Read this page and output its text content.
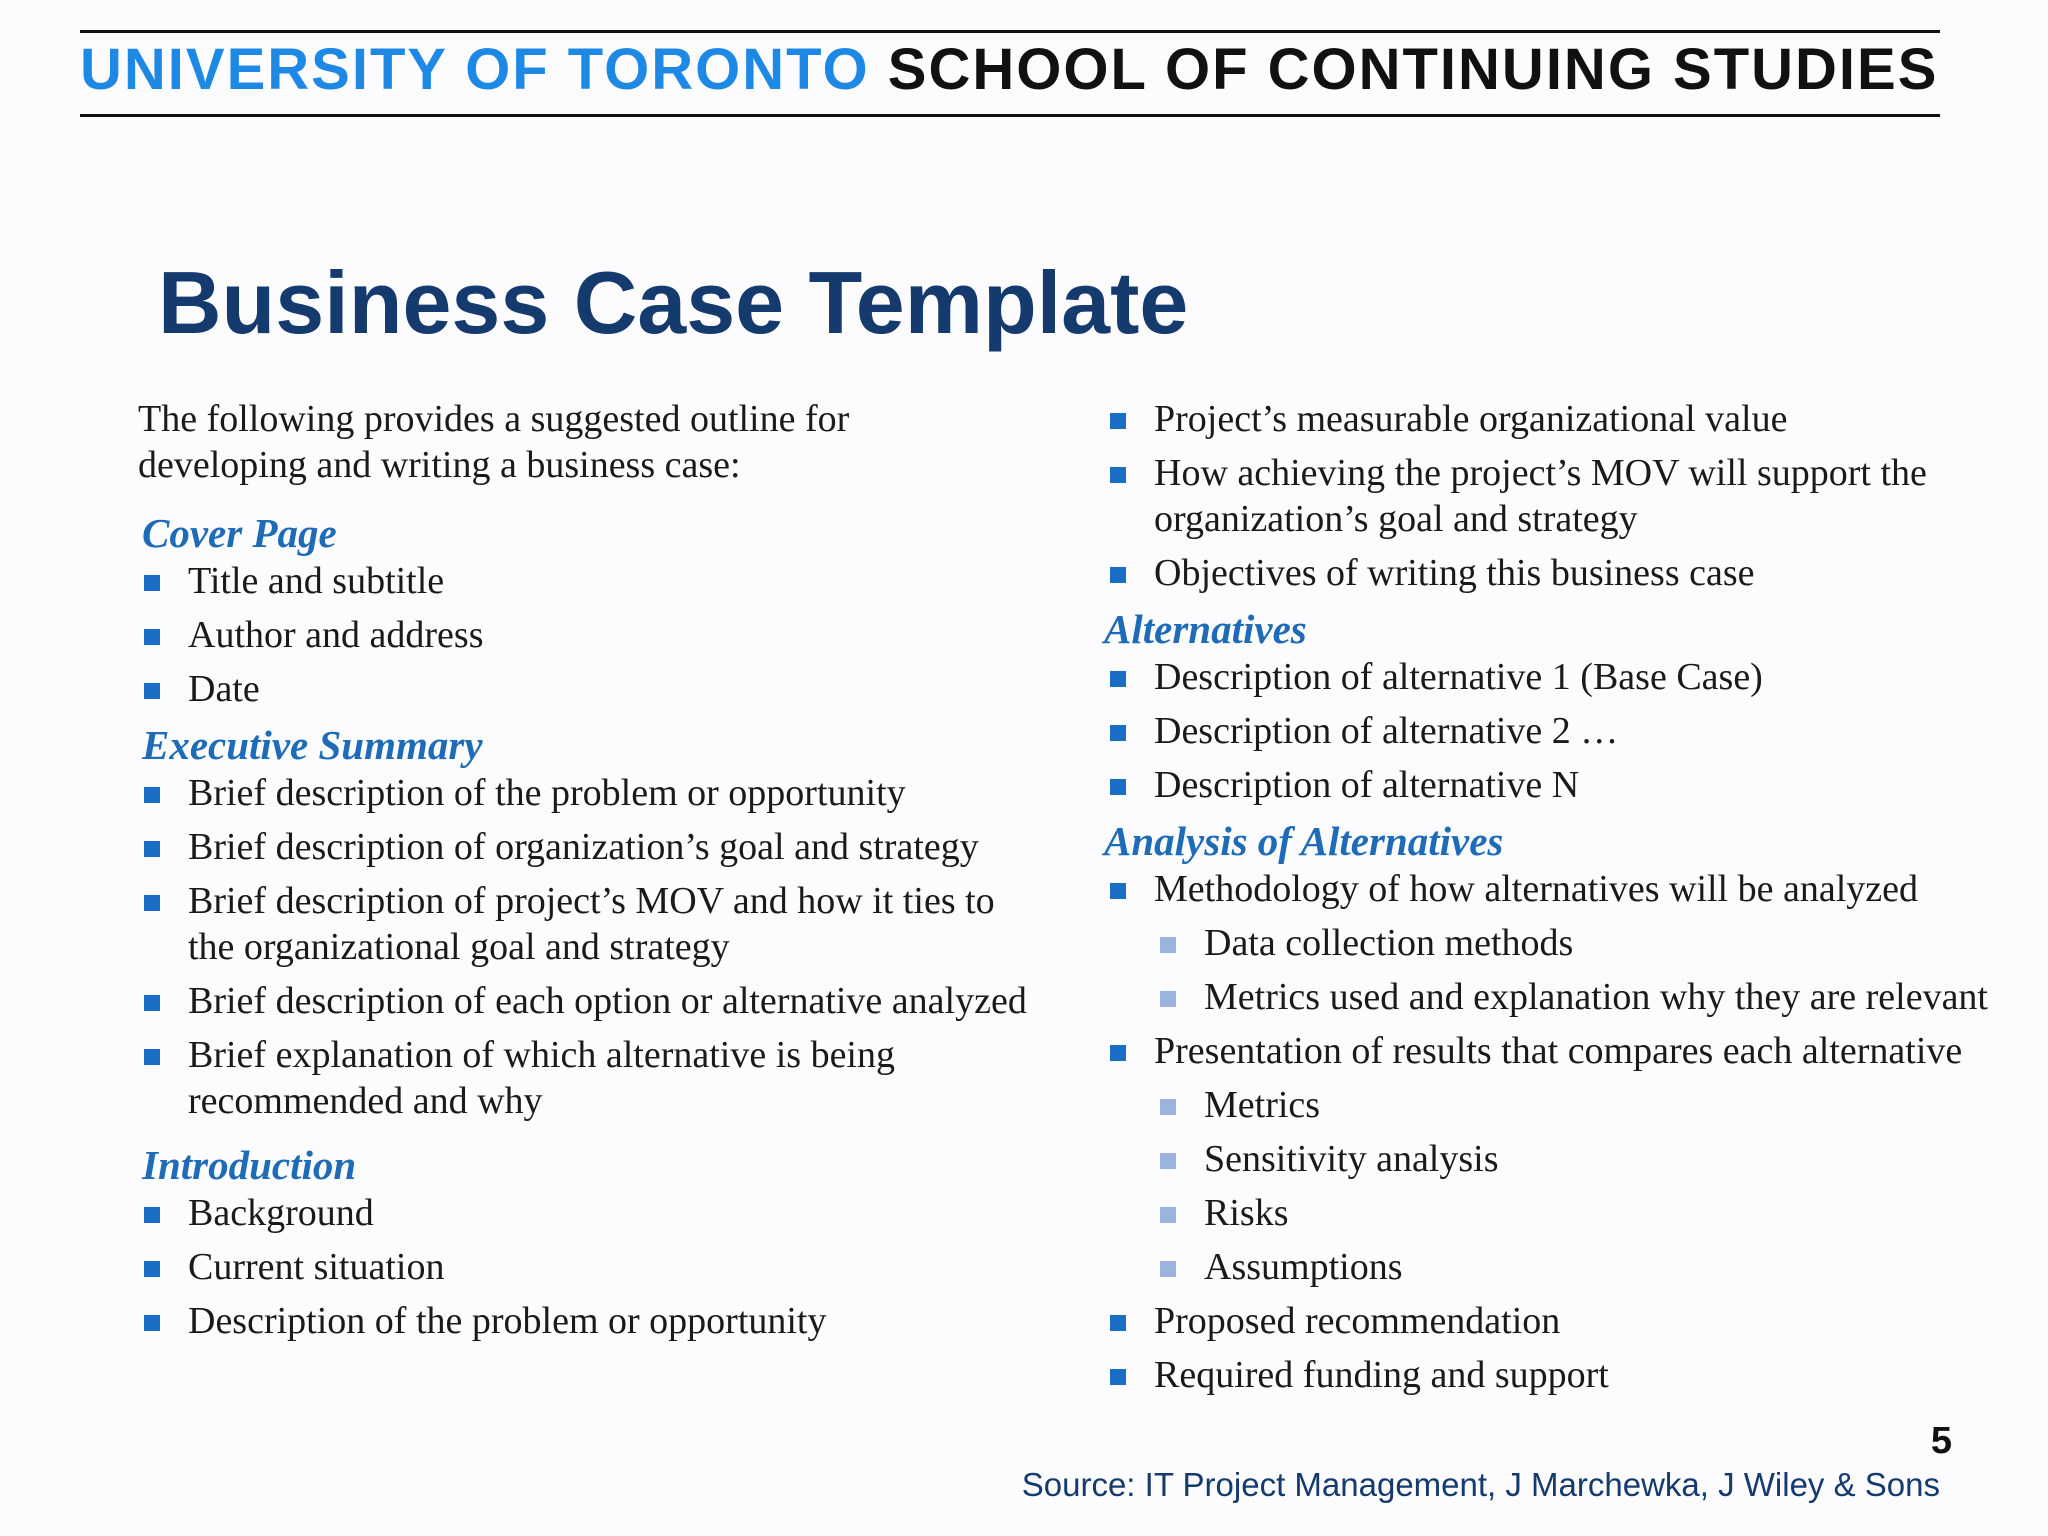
UNIVERSITY OF TORONTO SCHOOL OF CONTINUING STUDIES
Business Case Template
The following provides a suggested outline for
developing and writing a business case:
Cover Page
Title and subtitle
Author and address
Date
Executive Summary
Brief description of the problem or opportunity
Brief description of organization’s goal and strategy
Brief description of project’s MOV and how it ties to the organizational goal and strategy
Brief description of each option or alternative analyzed
Brief explanation of which alternative is being recommended and why
Introduction
Background
Current situation
Description of the problem or opportunity
Project’s measurable organizational value
How achieving the project’s MOV will support the organization’s goal and strategy
Objectives of writing this business case
Alternatives
Description of alternative 1 (Base Case)
Description of alternative 2 …
Description of alternative N
Analysis of Alternatives
Methodology of how alternatives will be analyzed
Data collection methods
Metrics used and explanation why they are relevant
Presentation of results that compares each alternative
Metrics
Sensitivity analysis
Risks
Assumptions
Proposed recommendation
Required funding and support
5
Source: IT Project Management, J Marchewka, J Wiley & Sons
